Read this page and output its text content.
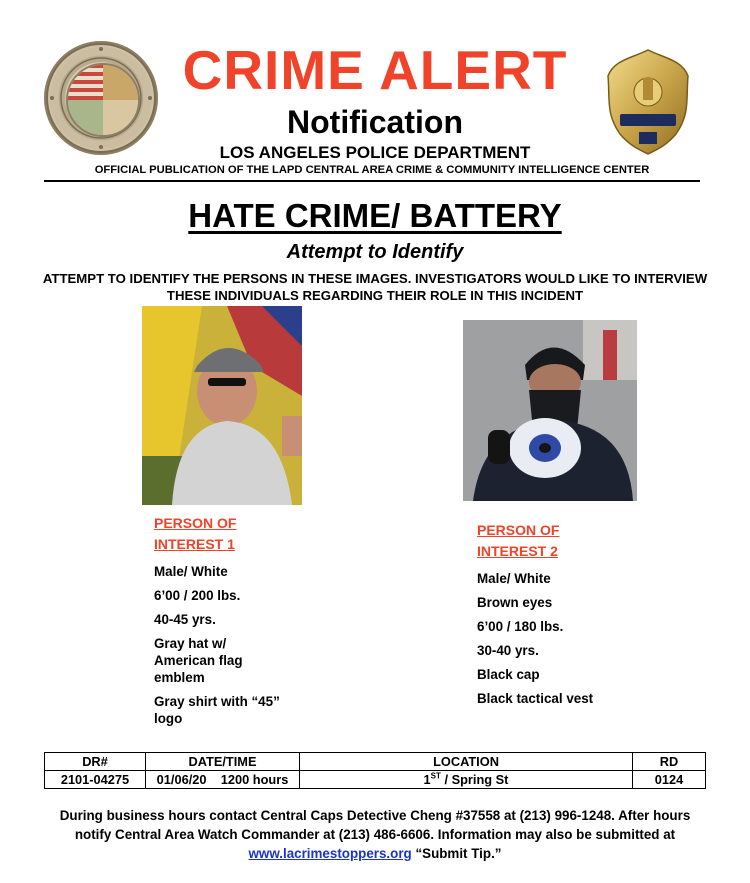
CRIME ALERT
Notification
LOS ANGELES POLICE DEPARTMENT
OFFICIAL PUBLICATION OF THE LAPD CENTRAL AREA CRIME & COMMUNITY INTELLIGENCE CENTER
HATE CRIME/ BATTERY
Attempt to Identify
ATTEMPT TO IDENTIFY THE PERSONS IN THESE IMAGES. INVESTIGATORS WOULD LIKE TO INTERVIEW THESE INDIVIDUALS REGARDING THEIR ROLE IN THIS INCIDENT
PERSON OF
INTEREST 1
Male/ White
6’00 / 200 lbs.
40-45 yrs.
Gray hat w/ American flag emblem
Gray shirt with “45” logo
PERSON OF
INTEREST 2
Male/ White
Brown eyes
6’00 / 180 lbs.
30-40 yrs.
Black cap
Black tactical vest
DR#	DATE/TIME	LOCATION	RD
2101-04275	01/06/20 1200 hours	1ST / Spring St	0124
During business hours contact Central Caps Detective Cheng #37558 at (213) 996-1248. After hours notify Central Area Watch Commander at (213) 486-6606. Information may also be submitted at www.lacrimestoppers.org “Submit Tip.”
